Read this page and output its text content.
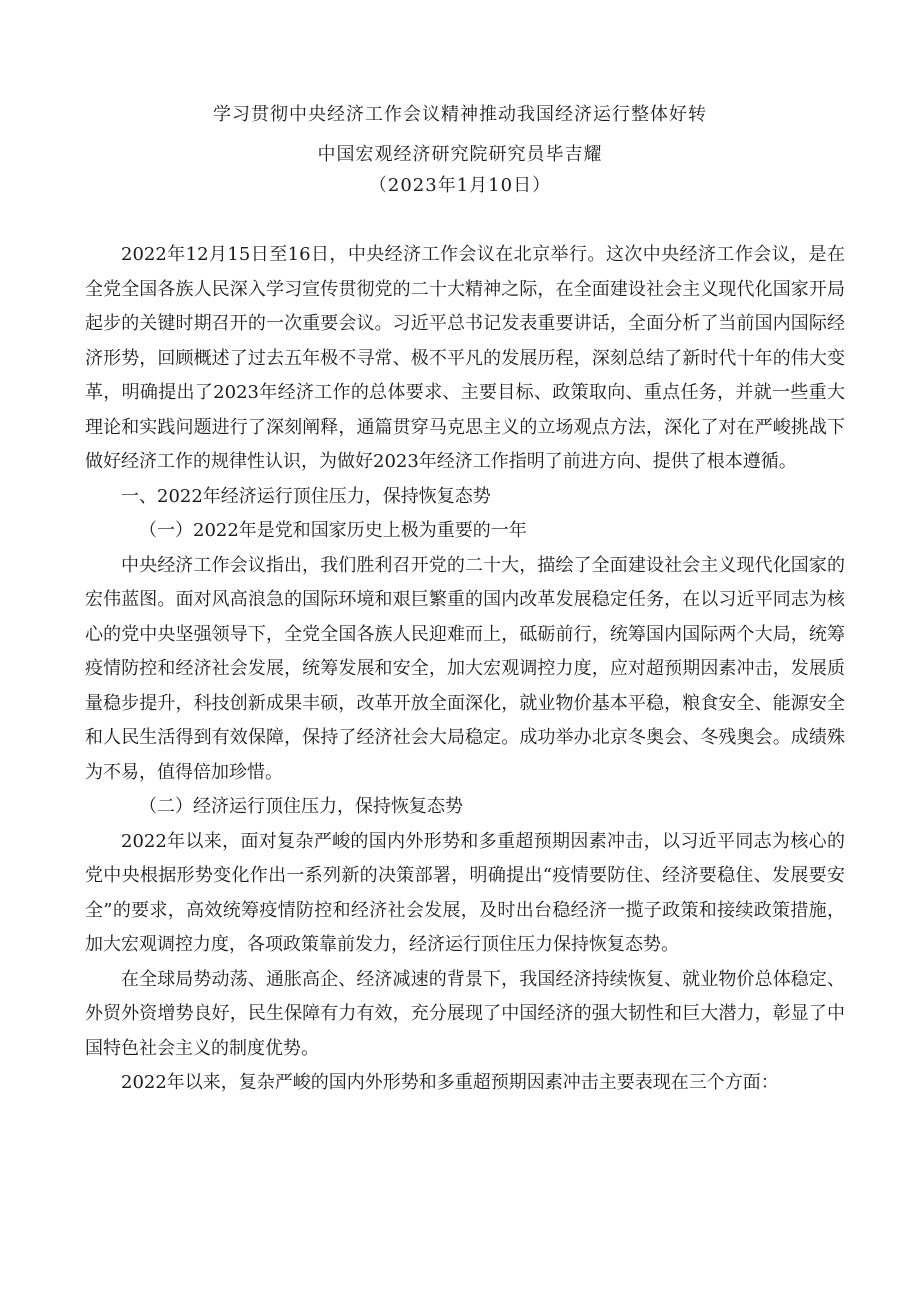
学习贯彻中央经济工作会议精神推动我国经济运行整体好转
中国宏观经济研究院研究员毕吉耀
（2023年1月10日）

2022年12月15日至16日，中央经济工作会议在北京举行。这次中央经济工作会议，是在全党全国各族人民深入学习宣传贯彻党的二十大精神之际，在全面建设社会主义现代化国家开局起步的关键时期召开的一次重要会议。习近平总书记发表重要讲话，全面分析了当前国内国际经济形势，回顾概述了过去五年极不寻常、极不平凡的发展历程，深刻总结了新时代十年的伟大变革，明确提出了2023年经济工作的总体要求、主要目标、政策取向、重点任务，并就一些重大理论和实践问题进行了深刻阐释，通篇贯穿马克思主义的立场观点方法，深化了对在严峻挑战下做好经济工作的规律性认识，为做好2023年经济工作指明了前进方向、提供了根本遵循。

一、2022年经济运行顶住压力，保持恢复态势

（一）2022年是党和国家历史上极为重要的一年

中央经济工作会议指出，我们胜利召开党的二十大，描绘了全面建设社会主义现代化国家的宏伟蓝图。面对风高浪急的国际环境和艰巨繁重的国内改革发展稳定任务，在以习近平同志为核心的党中央坚强领导下，全党全国各族人民迎难而上，砥砺前行，统筹国内国际两个大局，统筹疫情防控和经济社会发展，统筹发展和安全，加大宏观调控力度，应对超预期因素冲击，发展质量稳步提升，科技创新成果丰硕，改革开放全面深化，就业物价基本平稳，粮食安全、能源安全和人民生活得到有效保障，保持了经济社会大局稳定。成功举办北京冬奥会、冬残奥会。成绩殊为不易，值得倍加珍惜。

（二）经济运行顶住压力，保持恢复态势

2022年以来，面对复杂严峻的国内外形势和多重超预期因素冲击，以习近平同志为核心的党中央根据形势变化作出一系列新的决策部署，明确提出“疫情要防住、经济要稳住、发展要安全”的要求，高效统筹疫情防控和经济社会发展，及时出台稳经济一揽子政策和接续政策措施，加大宏观调控力度，各项政策靠前发力，经济运行顶住压力保持恢复态势。

在全球局势动荡、通胀高企、经济减速的背景下，我国经济持续恢复、就业物价总体稳定、外贸外资增势良好，民生保障有力有效，充分展现了中国经济的强大韧性和巨大潜力，彰显了中国特色社会主义的制度优势。

2022年以来，复杂严峻的国内外形势和多重超预期因素冲击主要表现在三个方面：
